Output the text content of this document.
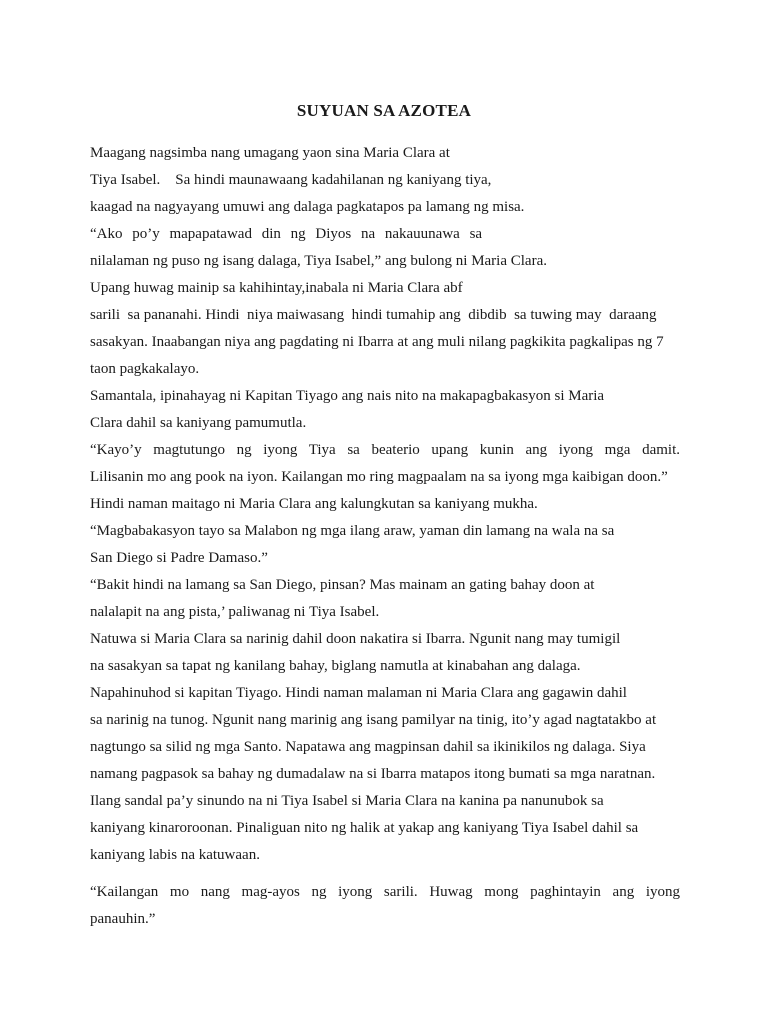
SUYUAN SA AZOTEA
Maagang nagsimba nang umagang yaon sina Maria Clara at
Tiya Isabel.    Sa hindi maunawaang kadahilanan ng kaniyang tiya,
kaagad na nagyayang umuwi ang dalaga pagkatapos pa lamang ng misa.
“Ako po’y mapapatawad din ng Diyos na nakauunawa sa
nilalaman ng puso ng isang dalaga, Tiya Isabel,” ang bulong ni Maria Clara.
Upang huwag mainip sa kahihintay,inabala ni Maria Clara abf
sarili  sa pananahi. Hindi  niya maiwasang  hindi tumahip ang  dibdib  sa tuwing may  daraang
sasakyan. Inaabangan niya ang pagdating ni Ibarra at ang muli nilang pagkikita pagkalipas ng 7
taon pagkakalayo.
Samantala, ipinahayag ni Kapitan Tiyago ang nais nito na makapagbakasyon si Maria
Clara dahil sa kaniyang pamumutla.
“Kayo’y magtutungo ng iyong Tiya sa beaterio upang kunin ang iyong mga damit.
Lilisanin mo ang pook na iyon. Kailangan mo ring magpaalam na sa iyong mga kaibigan doon.”
Hindi naman maitago ni Maria Clara ang kalungkutan sa kaniyang mukha.
“Magbabakasyon tayo sa Malabon ng mga ilang araw, yaman din lamang na wala na sa
San Diego si Padre Damaso.”
“Bakit hindi na lamang sa San Diego, pinsan? Mas mainam an gating bahay doon at
nalalapit na ang pista,’ paliwanag ni Tiya Isabel.
Natuwa si Maria Clara sa narinig dahil doon nakatira si Ibarra. Ngunit nang may tumigil
na sasakyan sa tapat ng kanilang bahay, biglang namutla at kinabahan ang dalaga.
Napahinuhod si kapitan Tiyago. Hindi naman malaman ni Maria Clara ang gagawin dahil
sa narinig na tunog. Ngunit nang marinig ang isang pamilyar na tinig, ito’y agad nagtatakbo at
nagtungo sa silid ng mga Santo. Napatawa ang magpinsan dahil sa ikinikilos ng dalaga. Siya
namang pagpasok sa bahay ng dumadalaw na si Ibarra matapos itong bumati sa mga naratnan.
Ilang sandal pa’y sinundo na ni Tiya Isabel si Maria Clara na kanina pa nanunubok sa
kaniyang kinaroroonan. Pinaliguan nito ng halik at yakap ang kaniyang Tiya Isabel dahil sa
kaniyang labis na katuwaan.
“Kailangan mo nang mag-ayos ng iyong sarili. Huwag mong paghintayin ang iyong
panauhin.”
